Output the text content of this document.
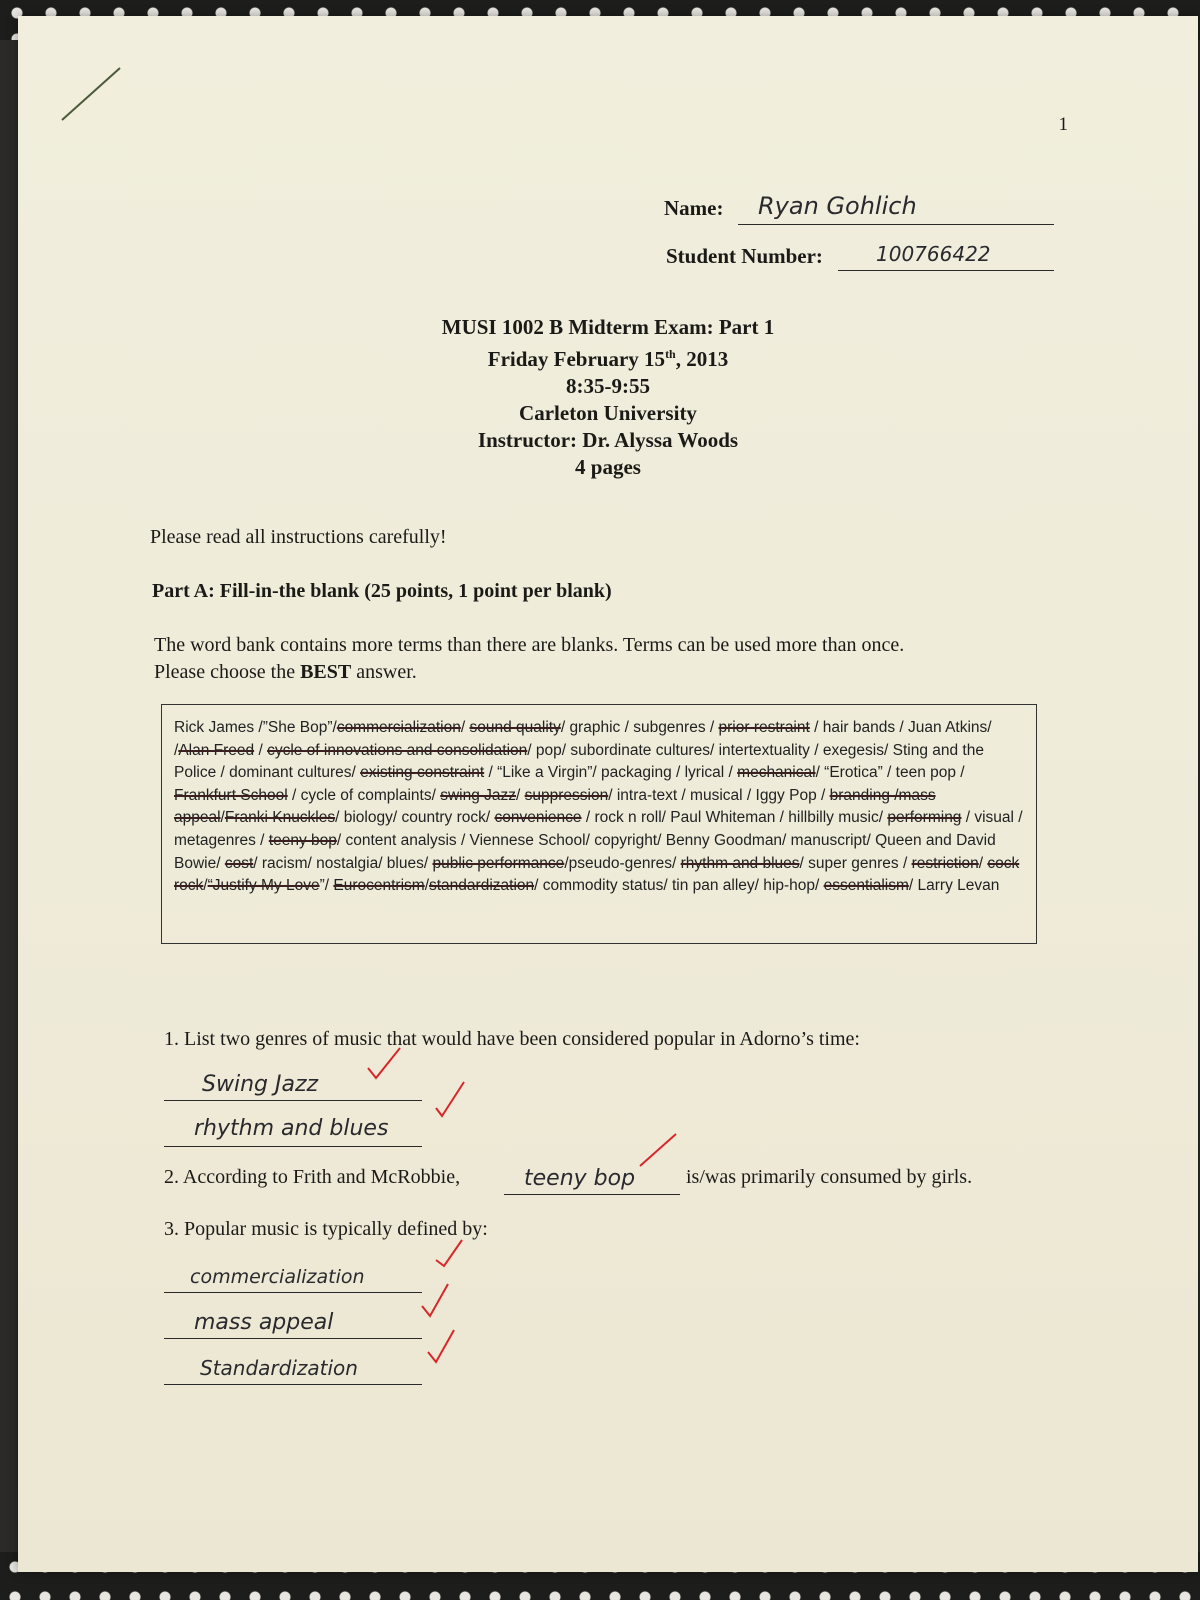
1
Name: Ryan Gohlich
Student Number:	100766422
MUSI 1002 B Midterm Exam: Part 1
Friday February 15th, 2013
8:35-9:55
Carleton University
Instructor: Dr. Alyssa Woods
4 pages
Please read all instructions carefully!
Part A: Fill-in-the blank (25 points, 1 point per blank)
The word bank contains more terms than there are blanks. Terms can be used more than once.
Please choose the BEST answer.
Rick James /”She Bop”/commercialization/ sound quality/ graphic / subgenres / prior restraint / hair bands / Juan Atkins/ /Alan Freed / cycle of innovations and consolidation/ pop/ subordinate cultures/ intertextuality / exegesis/ Sting and the Police / dominant cultures/ existing constraint / “Like a Virgin”/ packaging / lyrical / mechanical/ “Erotica” / teen pop / Frankfurt School / cycle of complaints/ swing Jazz/ suppression/ intra-text / musical / Iggy Pop / branding /mass appeal/Franki Knuckles/ biology/ country rock/ convenience / rock n roll/ Paul Whiteman / hillbilly music/ performing / visual / metagenres / teeny bop/ content analysis / Viennese School/ copyright/ Benny Goodman/ manuscript/ Queen and David Bowie/ cost/ racism/ nostalgia/ blues/ public performance/pseudo-genres/ rhythm and blues/ super genres / restriction/ cock rock/“Justify My Love”/ Eurocentrism/standardization/ commodity status/ tin pan alley/ hip-hop/ essentialism/ Larry Levan
1. List two genres of music that would have been considered popular in Adorno’s time:
Swing Jazz
rhythm and blues
2. According to Frith and McRobbie,	teeny bop	is/was primarily consumed by girls.
3. Popular music is typically defined by:
commercialization
mass appeal
Standardization
